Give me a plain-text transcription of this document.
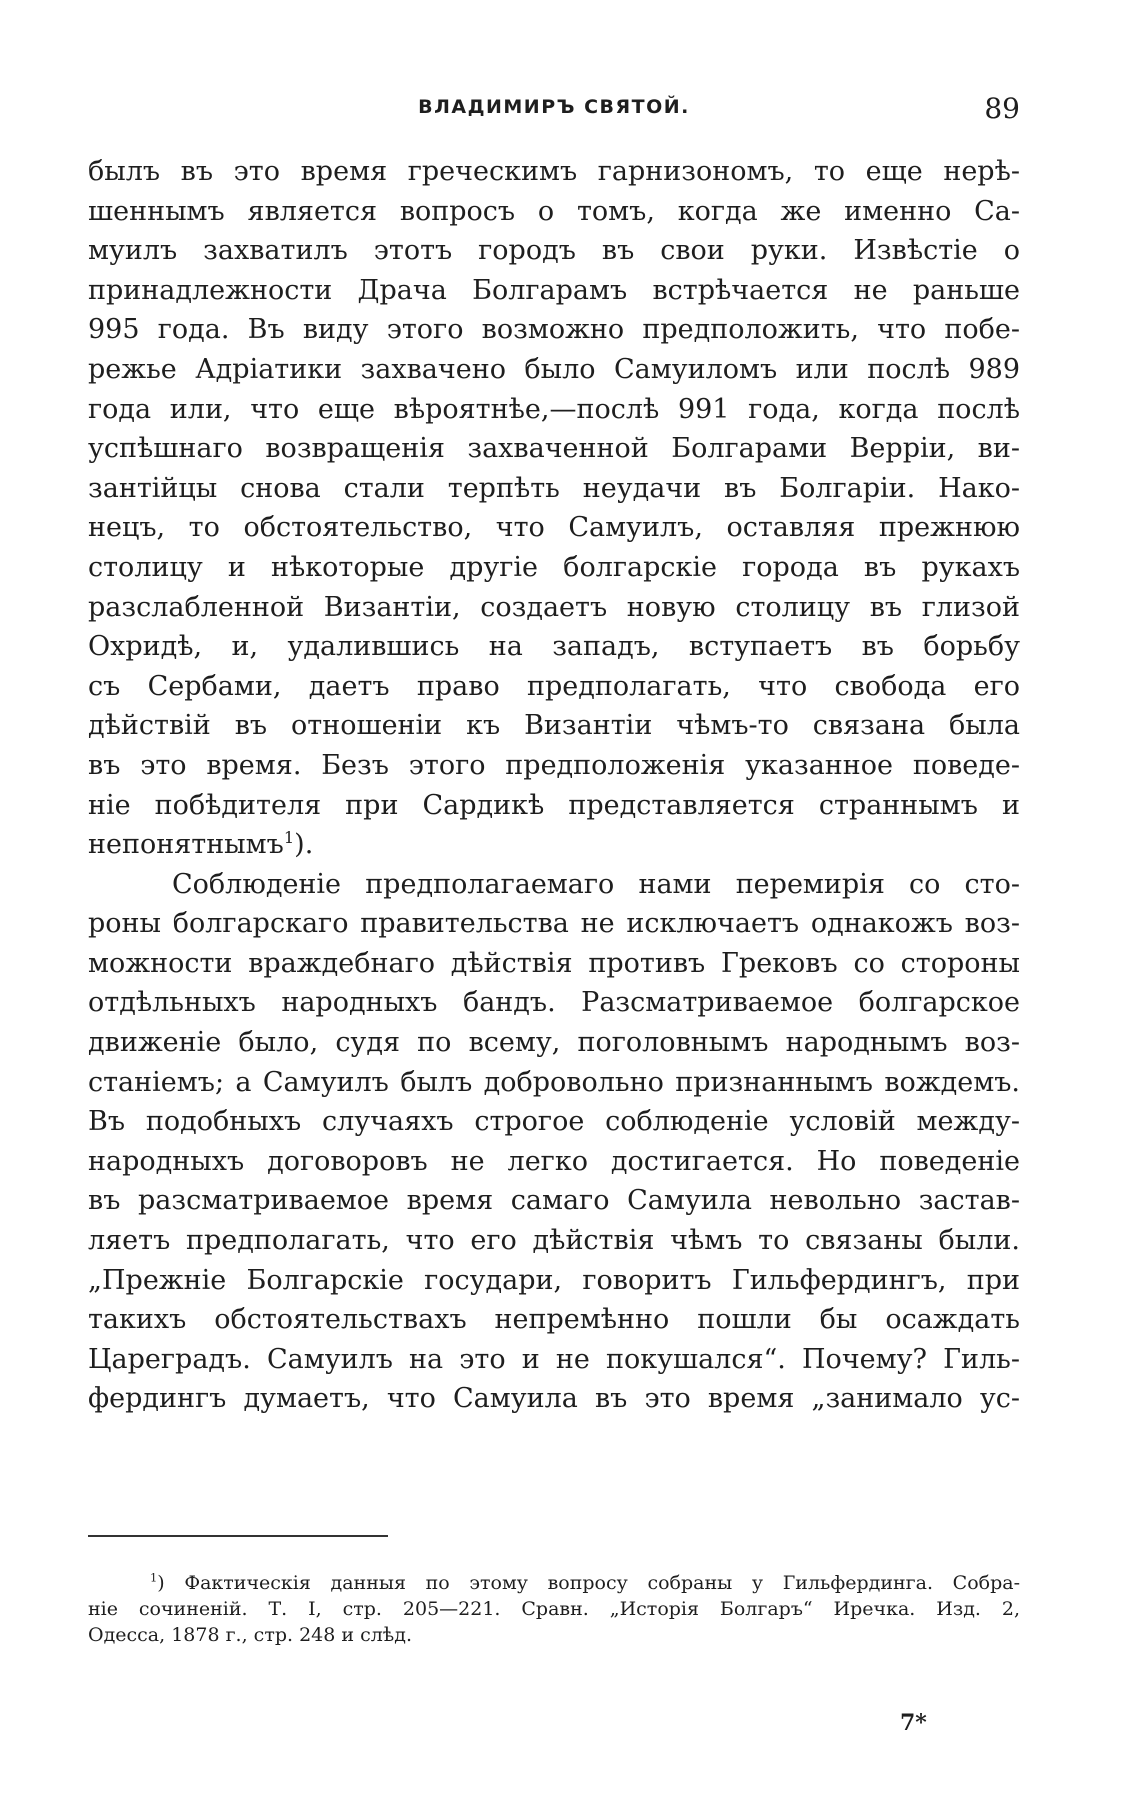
ВЛАДИМИРЪ СВЯТОЙ.	89

былъ въ это время греческимъ гарнизономъ, то еще нерѣ-
шеннымъ является вопросъ о томъ, когда же именно Са-
муилъ захватилъ этотъ городъ въ свои руки. Извѣстіе о
принадлежности Драча Болгарамъ встрѣчается не раньше
995 года. Въ виду этого возможно предположить, что побе-
режье Адріатики захвачено было Самуиломъ или послѣ 989
года или, что еще вѣроятнѣе,—послѣ 991 года, когда послѣ
успѣшнаго возвращенія захваченной Болгарами Верріи, ви-
зантійцы снова стали терпѣть неудачи въ Болгаріи. Нако-
нецъ, то обстоятельство, что Самуилъ, оставляя прежнюю
столицу и нѣкоторые другіе болгарскіе города въ рукахъ
разслабленной Византіи, создаетъ новую столицу въ глизой
Охридѣ, и, удалившись на западъ, вступаетъ въ борьбу
съ Сербами, даетъ право предполагать, что свобода его
дѣйствій въ отношеніи къ Византіи чѣмъ-то связана была
въ это время. Безъ этого предположенія указанное поведе-
ніе побѣдителя при Сардикѣ представляется страннымъ и
непонятнымъ$^1$).

Соблюденіе предполагаемаго нами перемирія со сто-
роны болгарскаго правительства не исключаетъ однакожъ воз-
можности враждебнаго дѣйствія противъ Грековъ со стороны
отдѣльныхъ народныхъ бандъ. Разсматриваемое болгарское
движеніе было, судя по всему, поголовнымъ народнымъ воз-
станіемъ; а Самуилъ былъ добровольно признаннымъ вождемъ.
Въ подобныхъ случаяхъ строгое соблюденіе условій между-
народныхъ договоровъ не легко достигается. Но поведеніе
въ разсматриваемое время самаго Самуила невольно застав-
ляетъ предполагать, что его дѣйствія чѣмъ то связаны были.
„Прежніе Болгарскіе государи, говоритъ Гильфердингъ, при
такихъ обстоятельствахъ непремѣнно пошли бы осаждать
Цареградъ. Самуилъ на это и не покушался“. Почему? Гиль-
фердингъ думаетъ, что Самуила въ это время „занимало ус-

$^1$) Фактическія данныя по этому вопросу собраны у Гильфердинга. Собра-
ніе сочиненій. Т. I, стр. 205—221. Сравн. „Исторія Болгаръ“ Иречка. Изд. 2,
Одесса, 1878 г., стр. 248 и слѣд.
7*
